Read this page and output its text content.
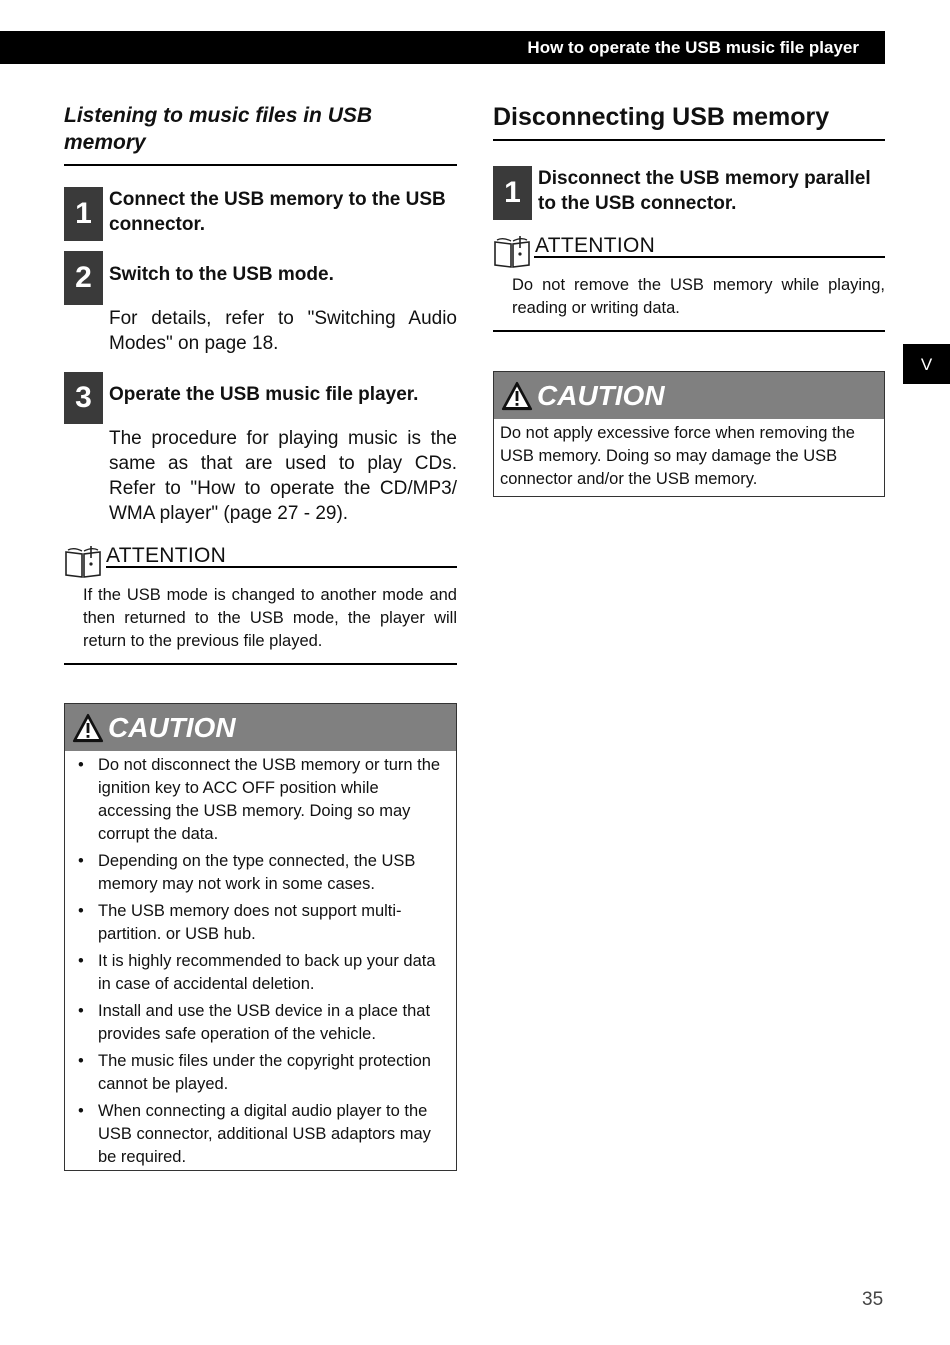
How to operate the USB music file player
V
Listening to music files in USB memory
1 Connect the USB memory to the USB connector.
2 Switch to the USB mode.
For details, refer to "Switching Audio Modes" on page 18.
3 Operate the USB music file player.
The procedure for playing music is the same as that are used to play CDs. Refer to "How to operate the CD/MP3/ WMA player" (page 27 - 29).
ATTENTION
If the USB mode is changed to another mode and then returned to the USB mode, the player will return to the previous file played.
CAUTION
• Do not disconnect the USB memory or turn the ignition key to ACC OFF position while accessing the USB memory. Doing so may corrupt the data.
• Depending on the type connected, the USB memory may not work in some cases.
• The USB memory does not support multi-partition. or USB hub.
• It is highly recommended to back up your data in case of accidental deletion.
• Install and use the USB device in a place that provides safe operation of the vehicle.
• The music files under the copyright protection cannot be played.
• When connecting a digital audio player to the USB connector, additional USB adaptors may be required.
Disconnecting USB memory
1 Disconnect the USB memory parallel to the USB connector.
ATTENTION
Do not remove the USB memory while playing, reading or writing data.
CAUTION
Do not apply excessive force when removing the USB memory. Doing so may damage the USB connector and/or the USB memory.
35
